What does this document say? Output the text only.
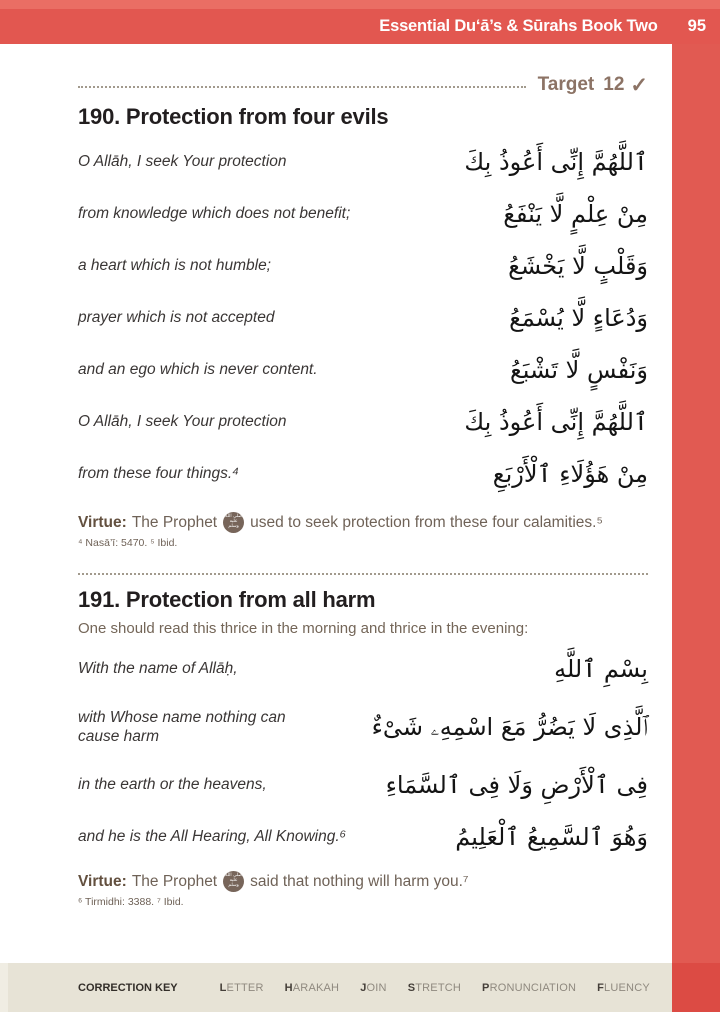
Essential Du‘ā’s & Sūrahs Book Two 95
Target 12 ✓
190. Protection from four evils
O Allāh, I seek Your protection	ٱللَّهُمَّ إِنِّى أَعُوذُ بِكَ
from knowledge which does not benefit;	مِنْ عِلْمٍ لَّا يَنْفَعُ
a heart which is not humble;	وَقَلْبٍ لَّا يَخْشَعُ
prayer which is not accepted	وَدُعَاءٍ لَّا يُسْمَعُ
and an ego which is never content.	وَنَفْسٍ لَّا تَشْبَعُ
O Allāh, I seek Your protection	ٱللَّهُمَّ إِنِّى أَعُوذُ بِكَ
from these four things.⁴	مِنْ هَؤُلَاءِ ٱلْأَرْبَعِ
Virtue: The Prophet	صلى الله عليه وسلم used to seek protection from these four calamities.⁵
⁴ Nasā’ī: 5470. ⁵ Ibid.
191. Protection from all harm
One should read this thrice in the morning and thrice in the evening:
With the name of Allāḥ,	بِسْمِ ٱللَّهِ
with Whose name nothing can cause harm	ٱلَّذِى لَا يَضُرُّ مَعَ اسْمِهِۦ شَىْءٌ
in the earth or the heavens,	فِى ٱلْأَرْضِ وَلَا فِى ٱلسَّمَاءِ
and he is the All Hearing, All Knowing.⁶	وَهُوَ ٱلسَّمِيعُ ٱلْعَلِيمُ
Virtue: The Prophet	صلى الله عليه وسلم said that nothing will harm you.⁷
⁶ Tirmidhi: 3388. ⁷ Ibid.
CORRECTION KEY	LETTER HARAKAH JOIN STRETCH PRONUNCIATION FLUENCY
